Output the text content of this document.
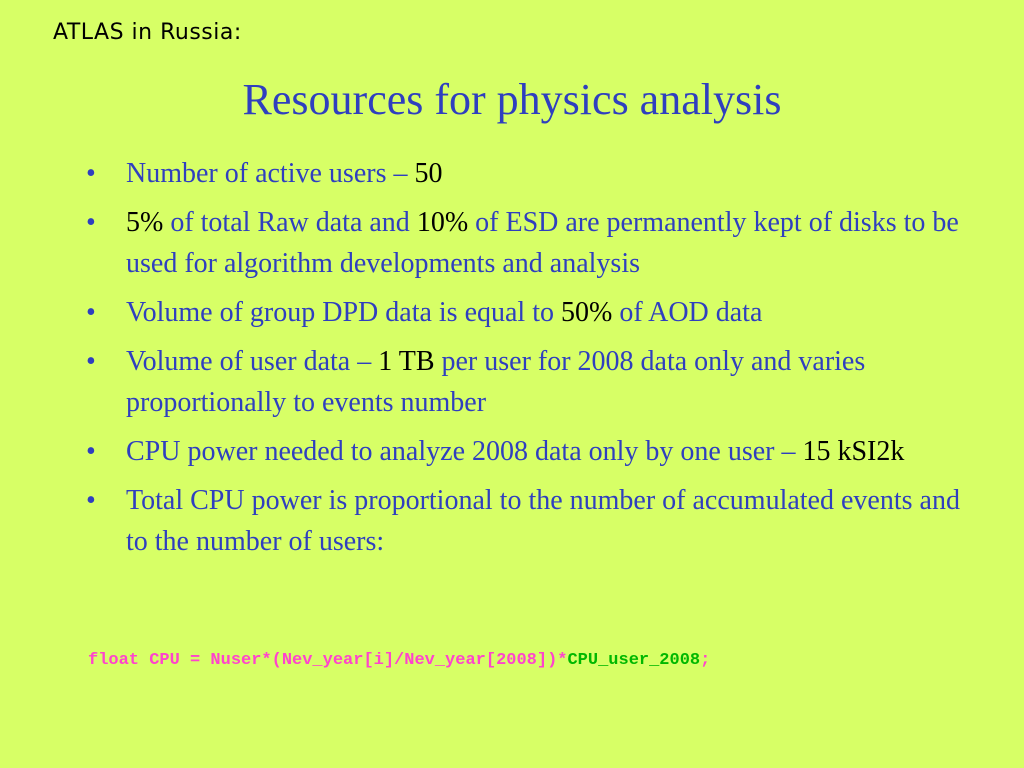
ATLAS in Russia:
Resources for physics analysis
•	Number of active users – 50
•	5% of total Raw data and 10% of ESD are permanently kept of disks to be used for algorithm developments and analysis
•	Volume of group DPD data is equal to 50% of AOD data
•	Volume of user data – 1 TB per user for 2008 data only and varies proportionally to events number
•	CPU power needed to analyze 2008 data only by one user – 15 kSI2k
•	Total CPU power is proportional to the number of accumulated events and to the number of users:
float CPU = Nuser*(Nev_year[i]/Nev_year[2008])*CPU_user_2008;
